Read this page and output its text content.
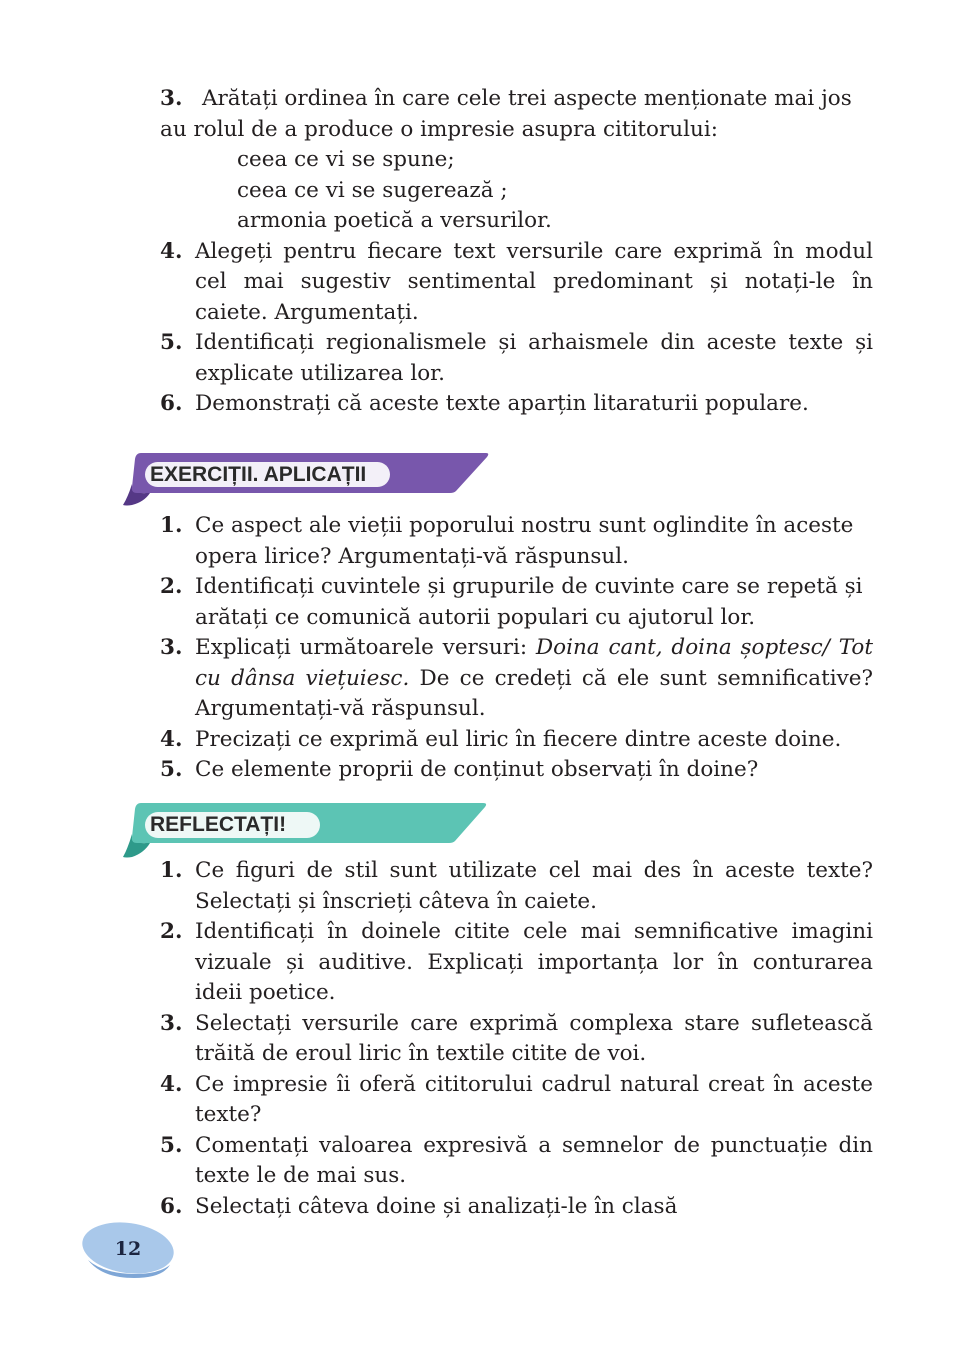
3. Arătați ordinea în care cele trei aspecte menționate mai jos
au rolul de a produce o impresie asupra cititorului:
ceea ce vi se spune;
ceea ce vi se sugerează ;
armonia poetică a versurilor.
4. Alegeți pentru fiecare text versurile care exprimă în modul
cel mai sugestiv sentimental predominant și notați-le în
caiete. Argumentați.
5. Identificați regionalismele și arhaismele din aceste texte și
explicate utilizarea lor.
6. Demonstrați că aceste texte aparțin litaraturii populare.
EXERCIȚII. APLICAȚII
1. Ce aspect ale vieții poporului nostru sunt oglindite în aceste
opera lirice? Argumentați-vă răspunsul.
2. Identificați cuvintele și grupurile de cuvinte care se repetă și
arătați ce comunică autorii populari cu ajutorul lor.
3. Explicați următoarele versuri: Doina cant, doina șoptesc/ Tot
cu dânsa viețuiesc. De ce credeți că ele sunt semnificative?
Argumentați-vă răspunsul.
4. Precizați ce exprimă eul liric în fiecere dintre aceste doine.
5. Ce elemente proprii de conținut observați în doine?
REFLECTAȚI!
1. Ce figuri de stil sunt utilizate cel mai des în aceste texte?
Selectați și înscrieți câteva în caiete.
2. Identificați în doinele citite cele mai semnificative imagini
vizuale și auditive. Explicați importanța lor în conturarea
ideii poetice.
3. Selectați versurile care exprimă complexa stare sufletească
trăită de eroul liric în textile citite de voi.
4. Ce impresie îi oferă cititorului cadrul natural creat în aceste
texte?
5. Comentați valoarea expresivă a semnelor de punctuație din
texte le de mai sus.
6. Selectați câteva doine și analizați-le în clasă
12
